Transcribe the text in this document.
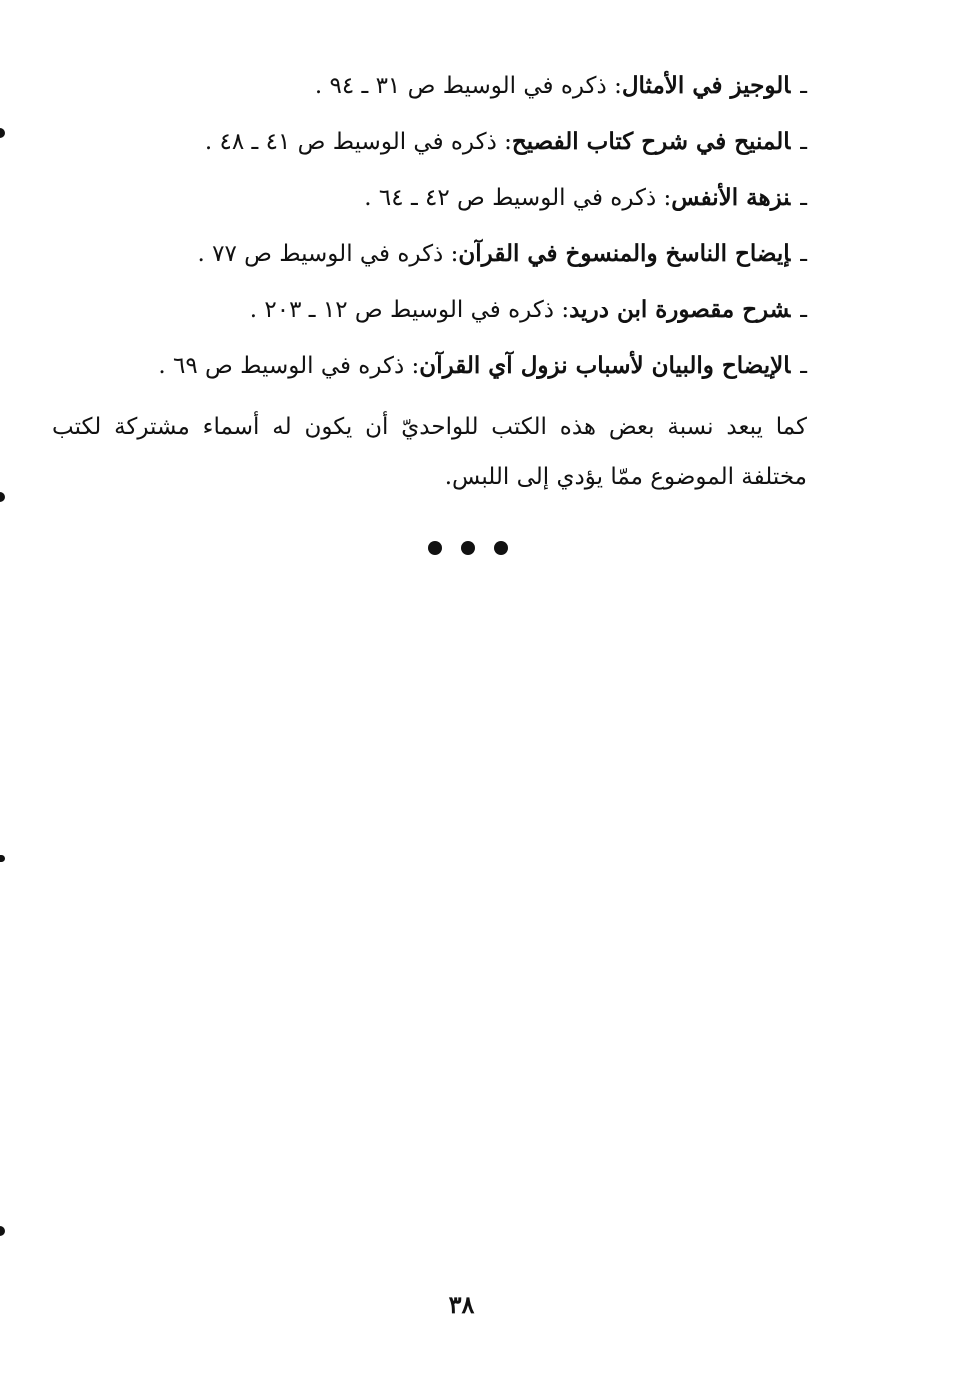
ـالوجيز في الأمثال: ذكره في الوسيط ص ٣١ ـ ٩٤ .
ـالمنيح في شرح كتاب الفصيح: ذكره في الوسيط ص ٤١ ـ ٤٨ .
ـنزهة الأنفس: ذكره في الوسيط ص ٤٢ ـ ٦٤ .
ـإيضاح الناسخ والمنسوخ في القرآن: ذكره في الوسيط ص ٧٧ .
ـشرح مقصورة ابن دريد: ذكره في الوسيط ص ١٢ ـ ٢٠٣ .
ـالإيضاح والبيان لأسباب نزول آي القرآن: ذكره في الوسيط ص ٦٩ .

كما يبعد نسبة بعض هذه الكتب للواحديّ أن يكون له أسماء مشتركة لكتب مختلفة الموضوع ممّا يؤدي إلى اللبس.

٣٨
